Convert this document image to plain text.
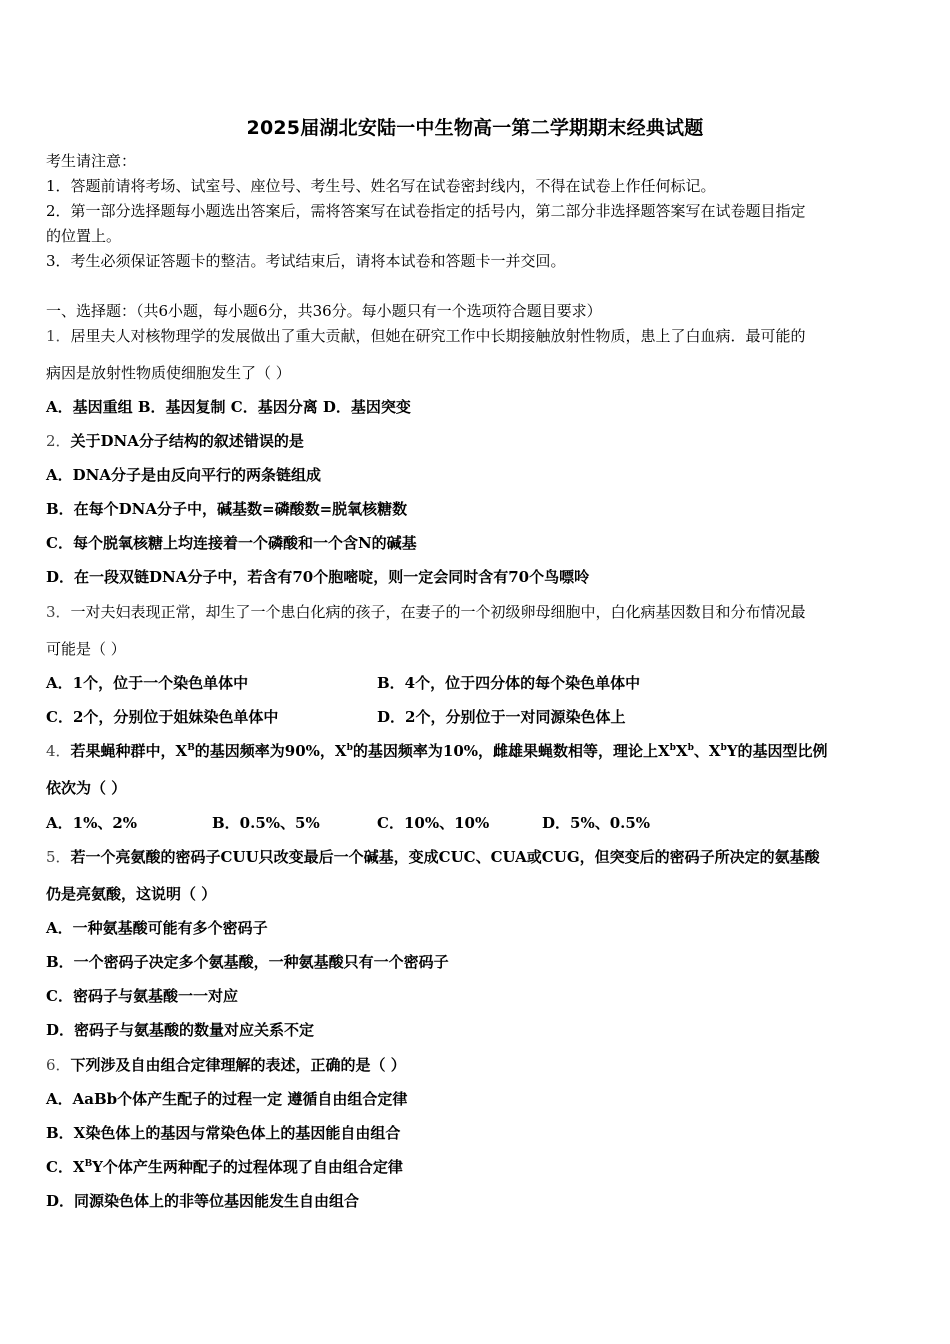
2025届湖北安陆一中生物高一第二学期期末经典试题
考生请注意：
1．答题前请将考场、试室号、座位号、考生号、姓名写在试卷密封线内，不得在试卷上作任何标记。
2．第一部分选择题每小题选出答案后，需将答案写在试卷指定的括号内，第二部分非选择题答案写在试卷题目指定
的位置上。
3．考生必须保证答题卡的整洁。考试结束后，请将本试卷和答题卡一并交回。
一、选择题：（共6小题，每小题6分，共36分。每小题只有一个选项符合题目要求）
1．居里夫人对核物理学的发展做出了重大贡献，但她在研究工作中长期接触放射性物质，患上了白血病．最可能的
病因是放射性物质使细胞发生了（ ）
A．基因重组 B．基因复制 C．基因分离 D．基因突变
2．关于DNA分子结构的叙述错误的是
A．DNA分子是由反向平行的两条链组成
B．在每个DNA分子中，碱基数=磷酸数=脱氧核糖数
C．每个脱氧核糖上均连接着一个磷酸和一个含N的碱基
D．在一段双链DNA分子中，若含有70个胞嘧啶，则一定会同时含有70个鸟嘌呤
3．一对夫妇表现正常，却生了一个患白化病的孩子，在妻子的一个初级卵母细胞中，白化病基因数目和分布情况最
可能是（ ）
A．1个，位于一个染色单体中	B．4个，位于四分体的每个染色单体中
C．2个，分别位于姐妹染色单体中	D．2个，分别位于一对同源染色体上
4．若果蝇种群中，$X^B$的基因频率为90%，$X^b$的基因频率为10%，雌雄果蝇数相等，理论上$X^bX^b$、$X^bY$的基因型比例
依次为（ ）
A．1%、2%	B．0.5%、5%	C．10%、10%	D．5%、0.5%
5．若一个亮氨酸的密码子CUU只改变最后一个碱基，变成CUC、CUA或CUG，但突变后的密码子所决定的氨基酸
仍是亮氨酸，这说明（ ）
A．一种氨基酸可能有多个密码子
B．一个密码子决定多个氨基酸，一种氨基酸只有一个密码子
C．密码子与氨基酸一一对应
D．密码子与氨基酸的数量对应关系不定
6．下列涉及自由组合定律理解的表述，正确的是（ ）
A．AaBb个体产生配子的过程一定 遵循自由组合定律
B．X染色体上的基因与常染色体上的基因能自由组合
C．$X^BY$个体产生两种配子的过程体现了自由组合定律
D．同源染色体上的非等位基因能发生自由组合
